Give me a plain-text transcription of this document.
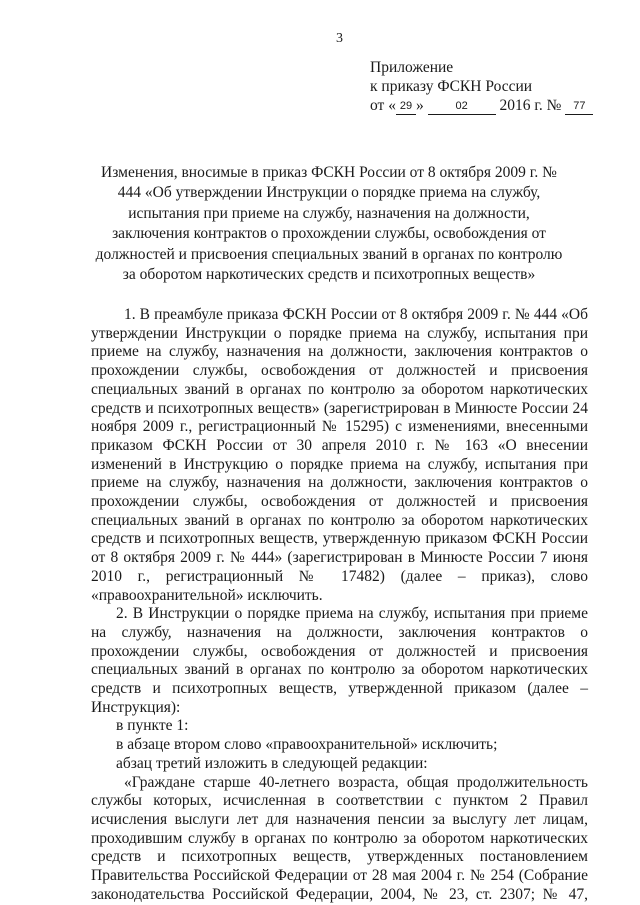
3
Приложение
к приказу ФСКН России
от « 29 »	02 2016 г. № 77
Изменения, вносимые в приказ ФСКН России от 8 октября 2009 г. № 444 «Об утверждении Инструкции о порядке приема на службу, испытания при приеме на службу, назначения на должности, заключения контрактов о прохождении службы, освобождения от должностей и присвоения специальных званий в органах по контролю за оборотом наркотических средств и психотропных веществ»

1. В преамбуле приказа ФСКН России от 8 октября 2009 г. № 444 «Об утверждении Инструкции о порядке приема на службу, испытания при приеме на службу, назначения на должности, заключения контрактов о прохождении службы, освобождения от должностей и присвоения специальных званий в органах по контролю за оборотом наркотических средств и психотропных веществ» (зарегистрирован в Минюсте России 24 ноября 2009 г., регистрационный № 15295) с изменениями, внесенными приказом ФСКН России от 30 апреля 2010 г. № 163 «О внесении изменений в Инструкцию о порядке приема на службу, испытания при приеме на службу, назначения на должности, заключения контрактов о прохождении службы, освобождения от должностей и присвоения специальных званий в органах по контролю за оборотом наркотических средств и психотропных веществ, утвержденную приказом ФСКН России от 8 октября 2009 г. № 444» (зарегистрирован в Минюсте России 7 июня 2010 г., регистрационный № 17482) (далее – приказ), слово «правоохранительной» исключить.

2. В Инструкции о порядке приема на службу, испытания при приеме на службу, назначения на должности, заключения контрактов о прохождении службы, освобождения от должностей и присвоения специальных званий в органах по контролю за оборотом наркотических средств и психотропных веществ, утвержденной приказом (далее – Инструкция):

в пункте 1:

в абзаце втором слово «правоохранительной» исключить;

абзац третий изложить в следующей редакции:

«Граждане старше 40-летнего возраста, общая продолжительность службы которых, исчисленная в соответствии с пунктом 2 Правил исчисления выслуги лет для назначения пенсии за выслугу лет лицам, проходившим службу в органах по контролю за оборотом наркотических средств и психотропных веществ, утвержденных постановлением Правительства Российской Федерации от 28 мая 2004 г. № 254 (Собрание законодательства Российской Федерации, 2004, № 23, ст. 2307; № 47,
